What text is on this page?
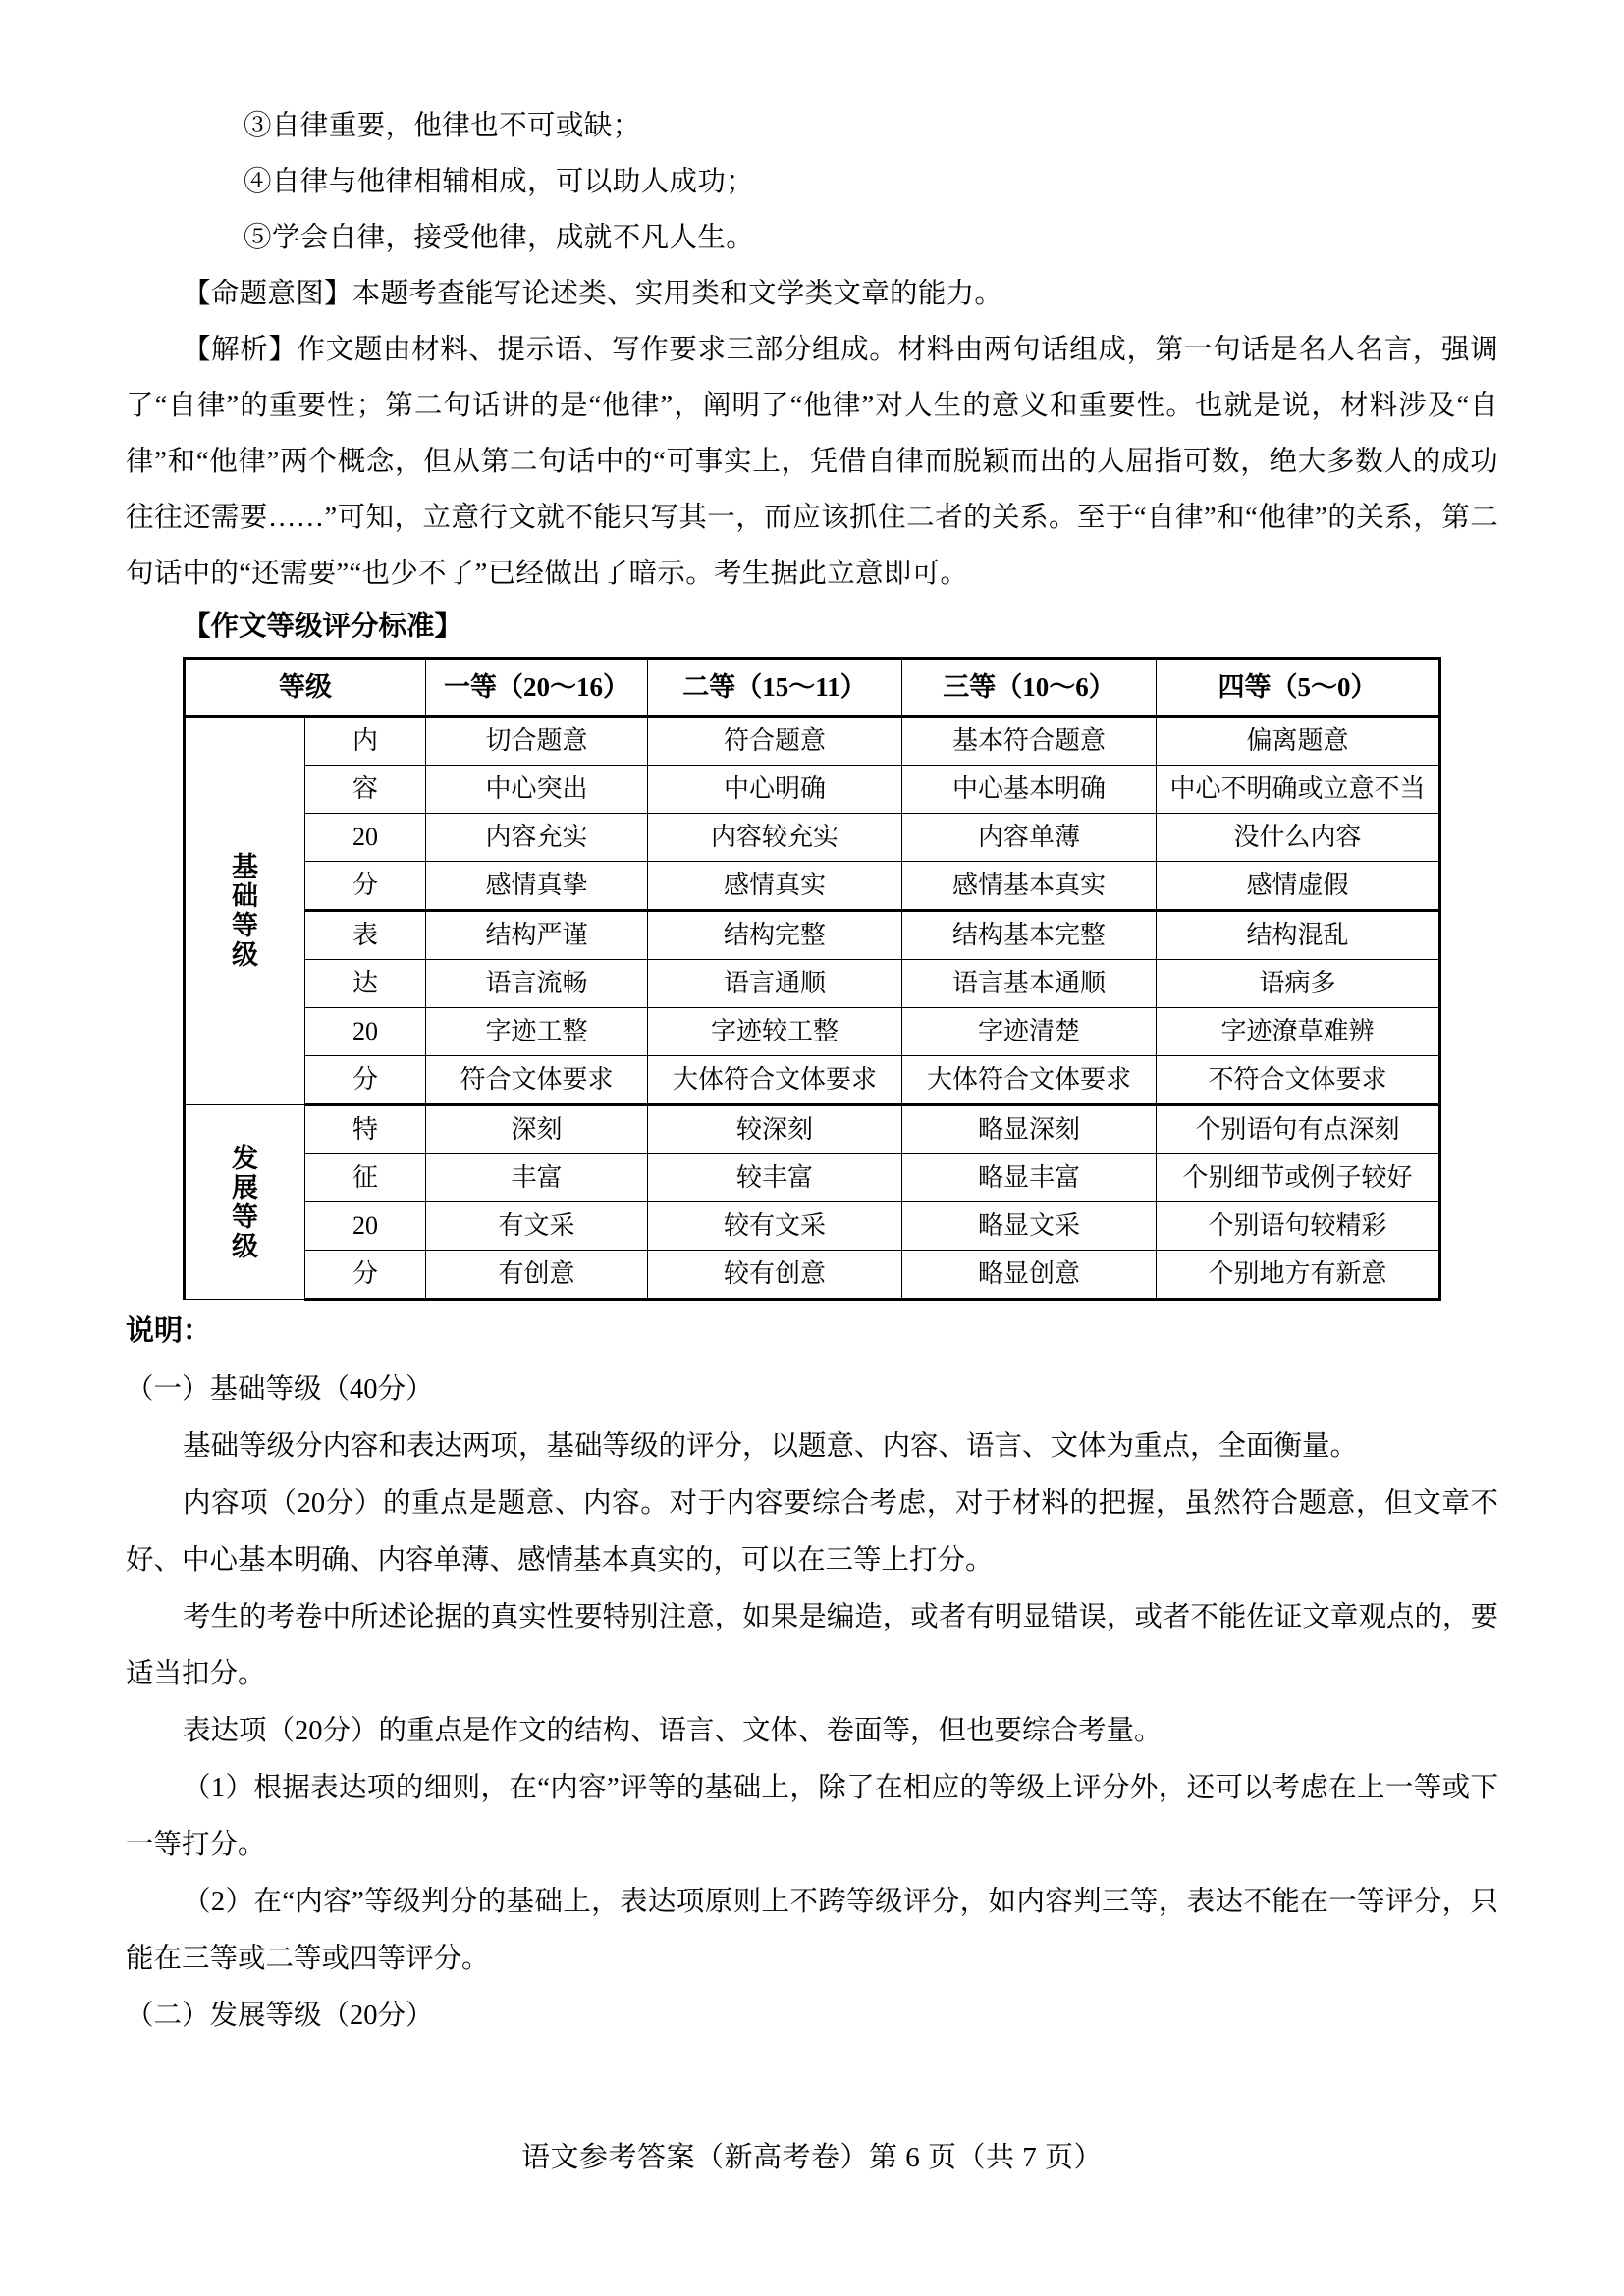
③自律重要，他律也不可或缺；
④自律与他律相辅相成，可以助人成功；
⑤学会自律，接受他律，成就不凡人生。
【命题意图】本题考查能写论述类、实用类和文学类文章的能力。
【解析】作文题由材料、提示语、写作要求三部分组成。材料由两句话组成，第一句话是名人名言，强调了“自律”的重要性；第二句话讲的是“他律”，阐明了“他律”对人生的意义和重要性。也就是说，材料涉及“自律”和“他律”两个概念，但从第二句话中的“可事实上，凭借自律而脱颖而出的人屈指可数，绝大多数人的成功往往还需要……”可知，立意行文就不能只写其一，而应该抓住二者的关系。至于“自律”和“他律”的关系，第二句话中的“还需要”“也少不了”已经做出了暗示。考生据此立意即可。
【作文等级评分标准】
等级		一等（20～16）	二等（15～11）	三等（10～6）	四等（5～0）

基
础
等
级	内	切合题意	符合题意	基本符合题意	偏离题意
	容	中心突出	中心明确	中心基本明确	中心不明确或立意不当
	20	内容充实	内容较充实	内容单薄	没什么内容
	分	感情真挚	感情真实	感情基本真实	感情虚假
	表	结构严谨	结构完整	结构基本完整	结构混乱
	达	语言流畅	语言通顺	语言基本通顺	语病多
	20	字迹工整	字迹较工整	字迹清楚	字迹潦草难辨
	分	符合文体要求	大体符合文体要求	大体符合文体要求	不符合文体要求

发
展
等
级	特	深刻	较深刻	略显深刻	个别语句有点深刻
	征	丰富	较丰富	略显丰富	个别细节或例子较好
	20	有文采	较有文采	略显文采	个别语句较精彩
	分	有创意	较有创意	略显创意	个别地方有新意
说明：
（一）基础等级（40分）
基础等级分内容和表达两项，基础等级的评分，以题意、内容、语言、文体为重点，全面衡量。
内容项（20分）的重点是题意、内容。对于内容要综合考虑，对于材料的把握，虽然符合题意，但文章不好、中心基本明确、内容单薄、感情基本真实的，可以在三等上打分。
考生的考卷中所述论据的真实性要特别注意，如果是编造，或者有明显错误，或者不能佐证文章观点的，要适当扣分。
表达项（20分）的重点是作文的结构、语言、文体、卷面等，但也要综合考量。
（1）根据表达项的细则，在“内容”评等的基础上，除了在相应的等级上评分外，还可以考虑在上一等或下一等打分。
（2）在“内容”等级判分的基础上，表达项原则上不跨等级评分，如内容判三等，表达不能在一等评分，只能在三等或二等或四等评分。
（二）发展等级（20分）
语文参考答案（新高考卷）第 6 页（共 7 页）
